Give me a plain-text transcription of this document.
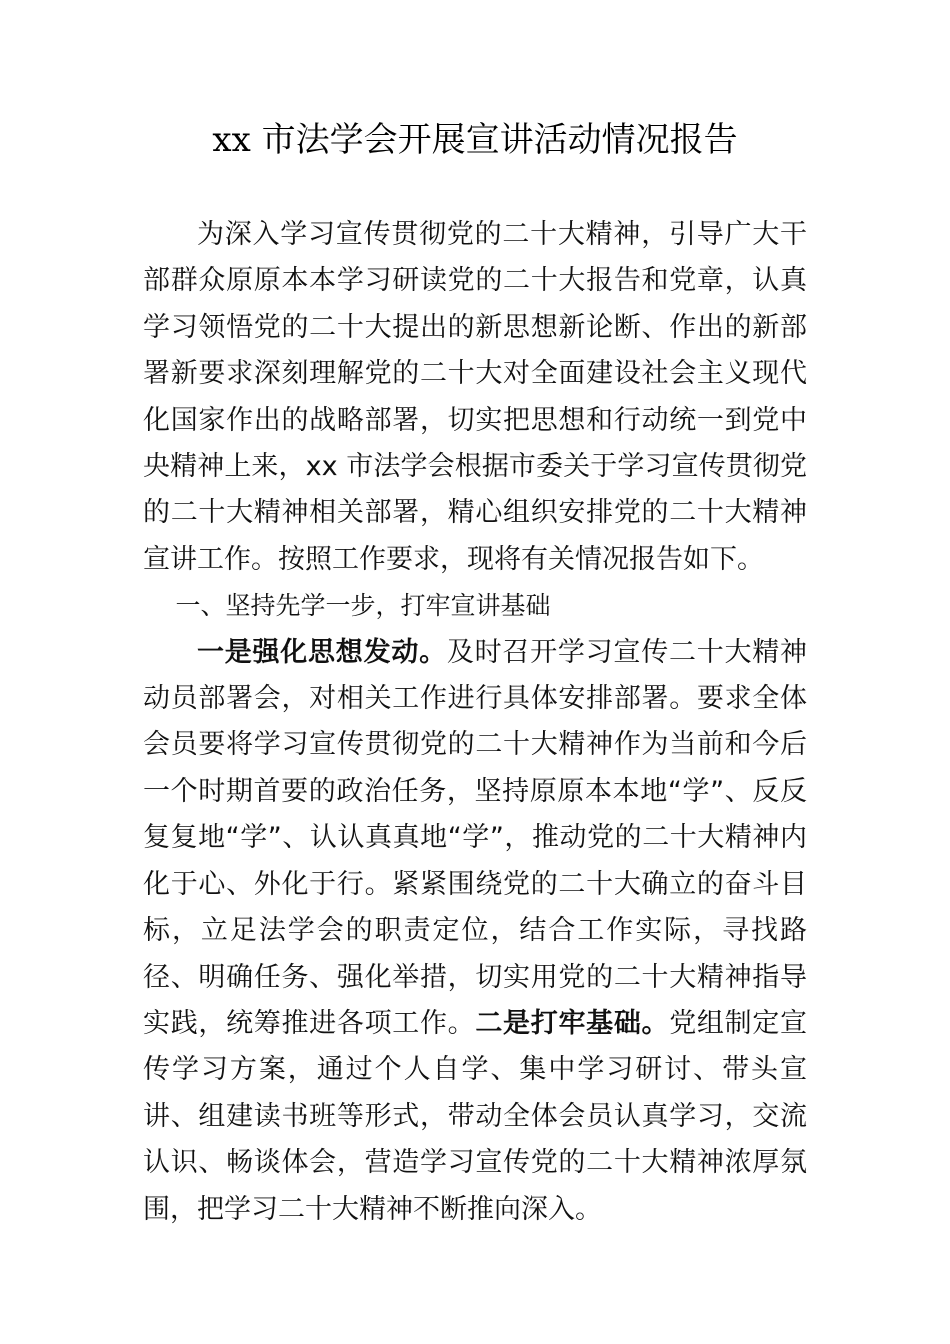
xx 市法学会开展宣讲活动情况报告

为深入学习宣传贯彻党的二十大精神，引导广大干部群众原原本本学习研读党的二十大报告和党章，认真学习领悟党的二十大提出的新思想新论断、作出的新部署新要求深刻理解党的二十大对全面建设社会主义现代化国家作出的战略部署，切实把思想和行动统一到党中央精神上来，xx 市法学会根据市委关于学习宣传贯彻党的二十大精神相关部署，精心组织安排党的二十大精神宣讲工作。按照工作要求，现将有关情况报告如下。

一、坚持先学一步，打牢宣讲基础

一是强化思想发动。及时召开学习宣传二十大精神动员部署会，对相关工作进行具体安排部署。要求全体会员要将学习宣传贯彻党的二十大精神作为当前和今后一个时期首要的政治任务，坚持原原本本地“学”、反反复复地“学”、认认真真地“学”，推动党的二十大精神内化于心、外化于行。紧紧围绕党的二十大确立的奋斗目标，立足法学会的职责定位，结合工作实际，寻找路径、明确任务、强化举措，切实用党的二十大精神指导实践，统筹推进各项工作。二是打牢基础。党组制定宣传学习方案，通过个人自学、集中学习研讨、带头宣讲、组建读书班等形式，带动全体会员认真学习，交流认识、畅谈体会，营造学习宣传党的二十大精神浓厚氛围，把学习二十大精神不断推向深入。
